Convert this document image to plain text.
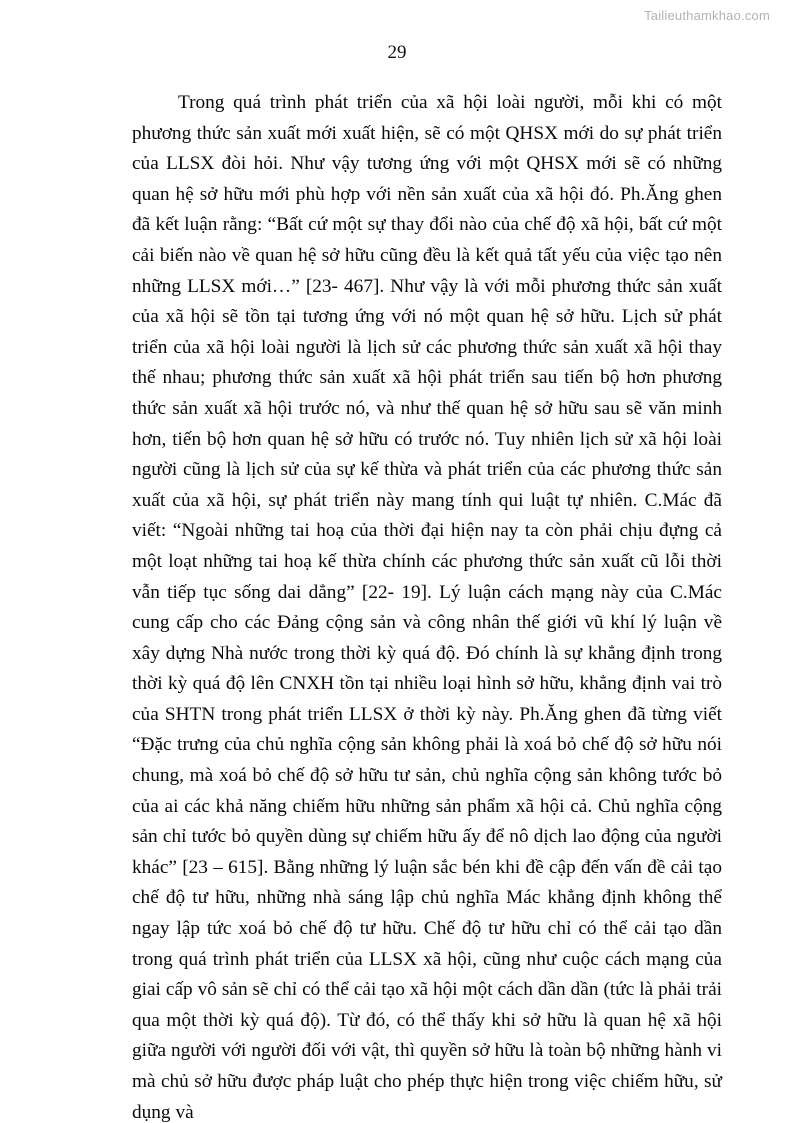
Tailieuthamkhao.com
29

Trong quá trình phát triển của xã hội loài người, mỗi khi có một phương thức sản xuất mới xuất hiện, sẽ có một QHSX mới do sự phát triển của LLSX đòi hỏi. Như vậy tương ứng với một QHSX mới sẽ có những quan hệ sở hữu mới phù hợp với nền sản xuất của xã hội đó. Ph.Ăng ghen đã kết luận rằng: “Bất cứ một sự thay đổi nào của chế độ xã hội, bất cứ một cải biến nào về quan hệ sở hữu cũng đều là kết quả tất yếu của việc tạo nên những LLSX mới…” [23- 467]. Như vậy là với mỗi phương thức sản xuất của xã hội sẽ tồn tại tương ứng với nó một quan hệ sở hữu. Lịch sử phát triển của xã hội loài người là lịch sử các phương thức sản xuất xã hội thay thế nhau; phương thức sản xuất xã hội phát triển sau tiến bộ hơn phương thức sản xuất xã hội trước nó, và như thế quan hệ sở hữu sau sẽ văn minh hơn, tiến bộ hơn quan hệ sở hữu có trước nó. Tuy nhiên lịch sử xã hội loài người cũng là lịch sử của sự kế thừa và phát triển của các phương thức sản xuất của xã hội, sự phát triển này mang tính qui luật tự nhiên. C.Mác đã viết: “Ngoài những tai hoạ của thời đại hiện nay ta còn phải chịu đựng cả một loạt những tai hoạ kế thừa chính các phương thức sản xuất cũ lỗi thời vẫn tiếp tục sống dai dẳng” [22- 19]. Lý luận cách mạng này của C.Mác cung cấp cho các Đảng cộng sản và công nhân thế giới vũ khí lý luận về xây dựng Nhà nước trong thời kỳ quá độ. Đó chính là sự khẳng định trong thời kỳ quá độ lên CNXH tồn tại nhiều loại hình sở hữu, khẳng định vai trò của SHTN trong phát triển LLSX ở thời kỳ này. Ph.Ăng ghen đã từng viết “Đặc trưng của chủ nghĩa cộng sản không phải là xoá bỏ chế độ sở hữu nói chung, mà xoá bỏ chế độ sở hữu tư sản, chủ nghĩa cộng sản không tước bỏ của ai các khả năng chiếm hữu những sản phẩm xã hội cả. Chủ nghĩa cộng sản chỉ tước bỏ quyền dùng sự chiếm hữu ấy để nô dịch lao động của người khác” [23 – 615]. Bằng những lý luận sắc bén khi đề cập đến vấn đề cải tạo chế độ tư hữu, những nhà sáng lập chủ nghĩa Mác khẳng định không thể ngay lập tức xoá bỏ chế độ tư hữu. Chế độ tư hữu chỉ có thể cải tạo dần trong quá trình phát triển của LLSX xã hội, cũng như cuộc cách mạng của giai cấp vô sản sẽ chỉ có thể cải tạo xã hội một cách dần dần (tức là phải trải qua một thời kỳ quá độ). Từ đó, có thể thấy khi sở hữu là quan hệ xã hội giữa người với người đối với vật, thì quyền sở hữu là toàn bộ những hành vi mà chủ sở hữu được pháp luật cho phép thực hiện trong việc chiếm hữu, sử dụng và
